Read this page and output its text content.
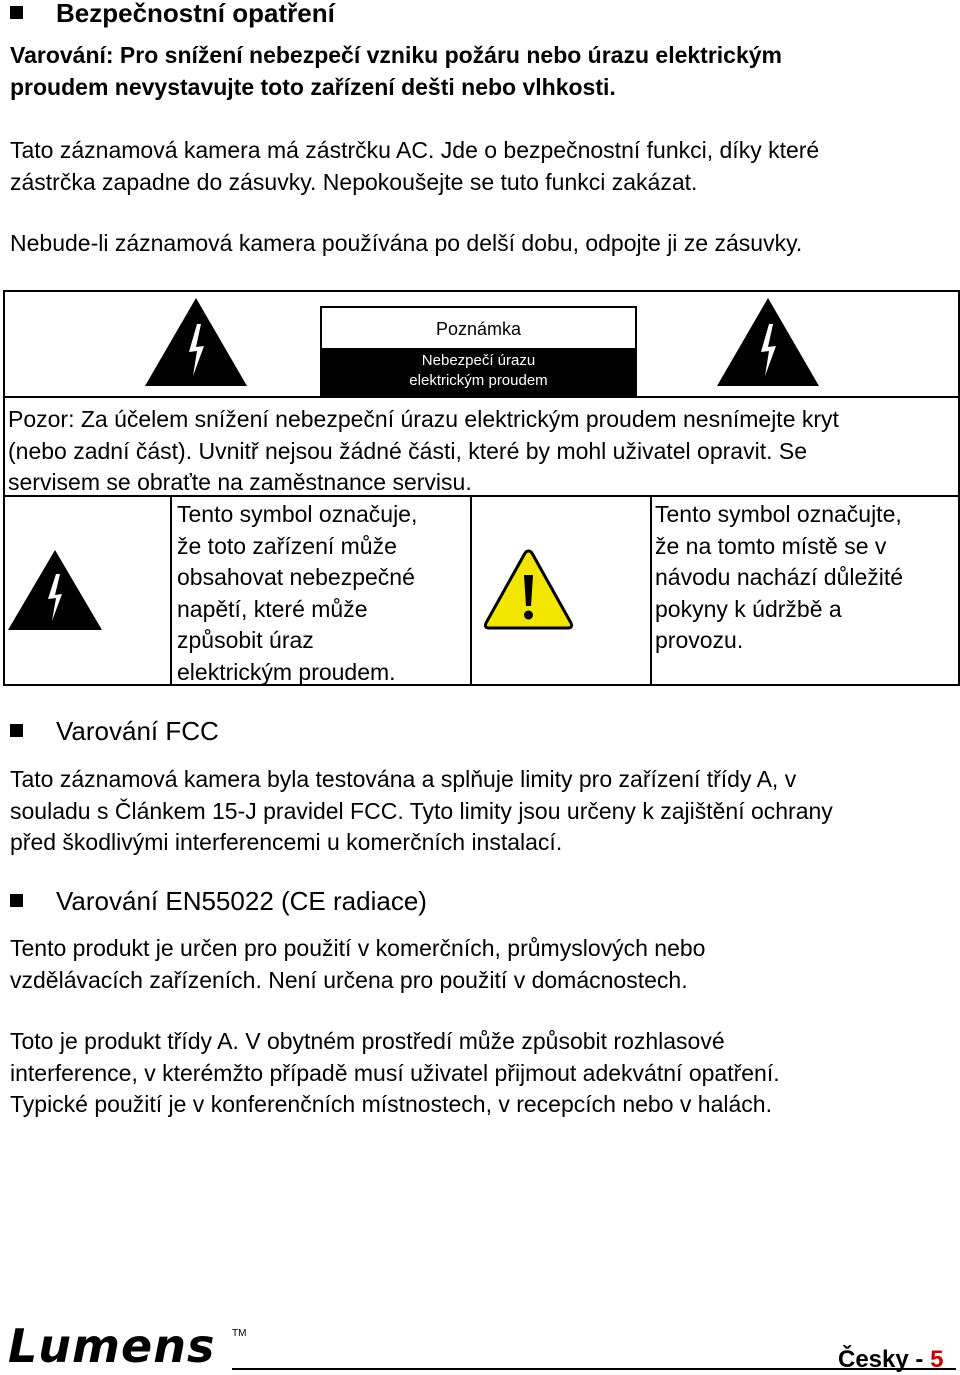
Bezpečnostní opatření
Varování: Pro snížení nebezpečí vzniku požáru nebo úrazu elektrickým
proudem nevystavujte toto zařízení dešti nebo vlhkosti.
Tato záznamová kamera má zástrčku AC. Jde o bezpečnostní funkci, díky které
zástrčka zapadne do zásuvky. Nepokoušejte se tuto funkci zakázat.
Nebude-li záznamová kamera používána po delší dobu, odpojte ji ze zásuvky.
Poznámka
Nebezpečí úrazu
elektrickým proudem
Pozor: Za účelem snížení nebezpeční úrazu elektrickým proudem nesnímejte kryt
(nebo zadní část). Uvnitř nejsou žádné části, které by mohl uživatel opravit. Se
servisem se obraťte na zaměstnance servisu.
Tento symbol označuje,
že toto zařízení může
obsahovat nebezpečné
napětí, které může
způsobit úraz
elektrickým proudem.
Tento symbol označujte,
že na tomto místě se v
návodu nachází důležité
pokyny k údržbě a
provozu.
Varování FCC
Tato záznamová kamera byla testována a splňuje limity pro zařízení třídy A, v
souladu s Článkem 15-J pravidel FCC. Tyto limity jsou určeny k zajištění ochrany
před škodlivými interferencemi u komerčních instalací.
Varování EN55022 (CE radiace)
Tento produkt je určen pro použití v komerčních, průmyslových nebo
vzdělávacích zařízeních. Není určena pro použití v domácnostech.
Toto je produkt třídy A. V obytném prostředí může způsobit rozhlasové
interference, v kterémžto případě musí uživatel přijmout adekvátní opatření.
Typické použití je v konferenčních místnostech, v recepcích nebo v halách.
Lumens TM
Česky - 5
